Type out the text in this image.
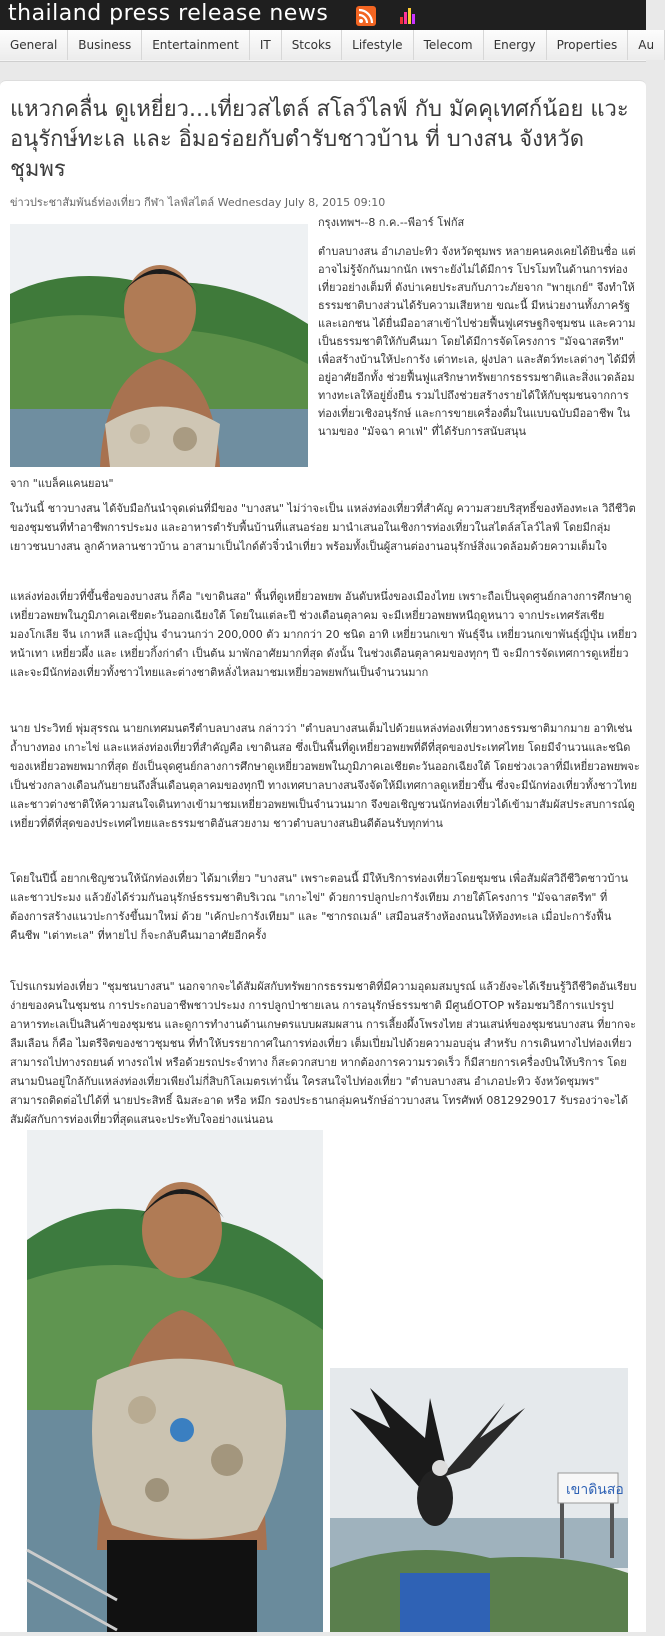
thailand press release news
General Business Entertainment IT Stcoks Lifestyle Telecom Energy Properties Au
แหวกคลื่น ดูเหยี่ยว...เที่ยวสไตล์ สโลว์ไลฟ์ กับ มัคคุเทศก์น้อย แวะ อนุรักษ์ทะเล และ อิ่มอร่อยกับตำรับชาวบ้าน ที่ บางสน จังหวัดชุมพร
ข่าวประชาสัมพันธ์ท่องเที่ยว กีฬา ไลฟ์สไตล์ Wednesday July 8, 2015 09:10
กรุงเทพฯ--8 ก.ค.--พีอาร์ โฟกัส
ตำบลบางสน อำเภอปะทิว จังหวัดชุมพร หลายคนคงเคยได้ยินชื่อ แต่อาจไม่รู้จักกันมากนัก เพราะยังไม่ได้มีการ โปรโมทในด้านการท่องเที่ยวอย่างเต็มที่ ดังบ่าเคยประสบกับภาวะภัยจาก "พายุเกย์" จึงทำให้ธรรมชาติบางส่วนได้รับความเสียหาย ขณะนี้ มีหน่วยงานทั้งภาครัฐและเอกชน ได้ยื่นมืออาสาเข้าไปช่วยฟื้นฟูเศรษฐกิจชุมชน และความเป็นธรรมชาติให้กับคืนมา โดยได้มีการจัดโครงการ "มัจฉาสตรีท" เพื่อสร้างบ้านให้ปะการัง เต่าทะเล, ฝูงปลา และสัตว์ทะเลต่างๆ ได้มีที่อยู่อาศัยอีกทั้ง ช่วยฟื้นฟูแสริกษาทรัพยากรธรรมชาติและสิ่งแวดล้อมทางทะเลให้อยู่ยั่งยืน รวมไปถึงช่วยสร้างรายได้ให้กับชุมชนจากการท่องเที่ยวเชิงอนุรักษ์ และการขายเครื่องดื่มในแบบฉบับมืออาชีพ ในนามของ "มัจฉา คาเฟ่" ที่ได้รับการสนับสนุน
จาก "แบล็คแคนยอน"
ในวันนี้ ชาวบางสน ได้จับมือกันนำจุดเด่นที่มีของ "บางสน" ไม่ว่าจะเป็น แหล่งท่องเที่ยวที่สำคัญ ความสวยบริสุทธิ์ของท้องทะเล วิถีชีวิตของชุมชนที่ทำอาชีพการประมง และอาหารตำรับพื้นบ้านที่แสนอร่อย มานำเสนอในเชิงการท่องเที่ยวในสไตล์สโลว์ไลฟ์ โดยมีกลุ่มเยาวชนบางสน ลูกค้าหลานชาวบ้าน อาสามาเป็นไกด์ตัวจิ๋วนำเที่ยว พร้อมทั้งเป็นผู้สานต่องานอนุรักษ์สิ่งแวดล้อมด้วยความเต็มใจ
แหล่งท่องเที่ยวที่ขึ้นชื่อของบางสน ก็คือ "เขาดินสอ" พื้นที่ดูเหยี่ยวอพยพ อันดับหนึ่งของเมืองไทย เพราะถือเป็นจุดศูนย์กลางการศึกษาดูเหยี่ยวอพยพในภูมิภาคเอเชียตะวันออกเฉียงใต้ โดยในแต่ละปี ช่วงเดือนตุลาคม จะมีเหยี่ยวอพยพหนีฤดูหนาว จากประเทศรัสเซีย มองโกเลีย จีน เกาหลี และญี่ปุ่น จำนวนกว่า 200,000 ตัว มากกว่า 20 ชนิด อาทิ เหยี่ยวนกเขา พันธุ์จีน เหยี่ยวนกเขาพันธุ์ญี่ปุ่น เหยี่ยวหน้าเทา เหยี่ยวผึ้ง และ เหยี่ยวกิ้งก่าดำ เป็นต้น มาพักอาศัยมากที่สุด ดังนั้น ในช่วงเดือนตุลาคมของทุกๆ ปี จะมีการจัดเทศการดูเหยี่ยว และจะมีนักท่องเที่ยวทั้งชาวไทยและต่างชาติหลั่งไหลมาชมเหยี่ยวอพยพกันเป็นจำนวนมาก
นาย ประวิทย์ พุ่มสุรรณ นายกเทศมนตรีตำบลบางสน กล่าวว่า "ตำบลบางสนเต็มไปด้วยแหล่งท่องเที่ยวทางธรรมชาติมากมาย อาทิเช่น ถ้ำบางทอง เกาะไข่ และแหล่งท่องเที่ยวที่สำคัญคือ เขาดินสอ ซึ่งเป็นพื้นที่ดูเหยี่ยวอพยพที่ดีที่สุดของประเทศไทย โดยมีจำนวนและชนิดของเหยี่ยวอพยพมากที่สุด ยังเป็นจุดศูนย์กลางการศึกษาดูเหยี่ยวอพยพในภูมิภาคเอเชียตะวันออกเฉียงใต้ โดยช่วงเวลาที่มีเหยี่ยวอพยพจะเป็นช่วงกลางเดือนกันยายนถึงสิ้นเดือนตุลาคมของทุกปี ทางเทศบาลบางสนจึงจัดให้มีเทศกาลดูเหยี่ยวขึ้น ซึ่งจะมีนักท่องเที่ยวทั้งชาวไทยและชาวต่างชาติให้ความสนใจเดินทางเข้ามาชมเหยี่ยวอพยพเป็นจำนวนมาก จึงขอเชิญชวนนักท่องเที่ยวได้เข้ามาสัมผัสประสบการณ์ดูเหยี่ยวที่ดีที่สุดของประเทศไทยและธรรมชาติอันสวยงาม ชาวตำบลบางสนยินดีต้อนรับทุกท่าน
โดยในปีนี้ อยากเชิญชวนให้นักท่องเที่ยว ได้มาเที่ยว "บางสน" เพราะตอนนี้ มีให้บริการท่องเที่ยวโดยชุมชน เพื่อสัมผัสวิถีชีวิตชาวบ้านและชาวประมง แล้วยังได้ร่วมกันอนุรักษ์ธรรมชาติบริเวณ "เกาะไข่" ด้วยการปลูกปะการังเทียม ภายใต้โครงการ "มัจฉาสตรีท" ที่ต้องการสร้างแนวปะการังขึ้นมาใหม่ ด้วย "เค้กปะการังเทียม" และ "ซากรถเมล์" เสมือนสร้างห้องถนนให้ท้องทะเล เมื่อปะการังฟื้นคืนชีพ "เต่าทะเล" ที่หายไป ก็จะกลับคืนมาอาศัยอีกครั้ง
โปรแกรมท่องเที่ยว "ชุมชนบางสน" นอกจากจะได้สัมผัสกับทรัพยากรธรรมชาติที่มีความอุดมสมบูรณ์ แล้วยังจะได้เรียนรู้วิถีชีวิตอันเรียบง่ายของคนในชุมชน การประกอบอาชีพชาวประมง การปลูกป่าชายเลน การอนุรักษ์ธรรมชาติ มีศูนย์OTOP พร้อมชมวิธีการแปรรูปอาหารทะเลเป็นสินค้าของชุมชน และดูการทำงานด้านเกษตรแบบผสมผสาน การเลี้ยงผึ้งโพรงไทย ส่วนเสน่ห์ของชุมชนบางสน ที่ยากจะลืมเลือน ก็คือ ไมตรีจิตของชาวชุมชน ที่ทำให้บรรยากาศในการท่องเที่ยว เต็มเปี่ยมไปด้วยความอบอุ่น สำหรับ การเดินทางไปท่องเที่ยวสามารถไปทางรถยนต์ ทางรถไฟ หรือด้วยรถประจำทาง ก็สะดวกสบาย หากต้องการความรวดเร็ว ก็มีสายการเครื่องบินให้บริการ โดยสนามบินอยู่ใกล้กับแหล่งท่องเที่ยวเพียงไม่กี่สิบกิโลเมตรเท่านั้น ใครสนใจไปท่องเที่ยว "ตำบลบางสน อำเภอปะทิว จังหวัดชุมพร" สามารถติดต่อไปได้ที่ นายประสิทธิ์ ฉิมสะอาด หรือ หมึก รองประธานกลุ่มคนรักษ์อ่าวบางสน โทรศัพท์ 0812929017 รับรองว่าจะได้ สัมผัสกับการท่องเที่ยวที่สุดแสนจะประทับใจอย่างแน่นอน
เขาดินสอ
